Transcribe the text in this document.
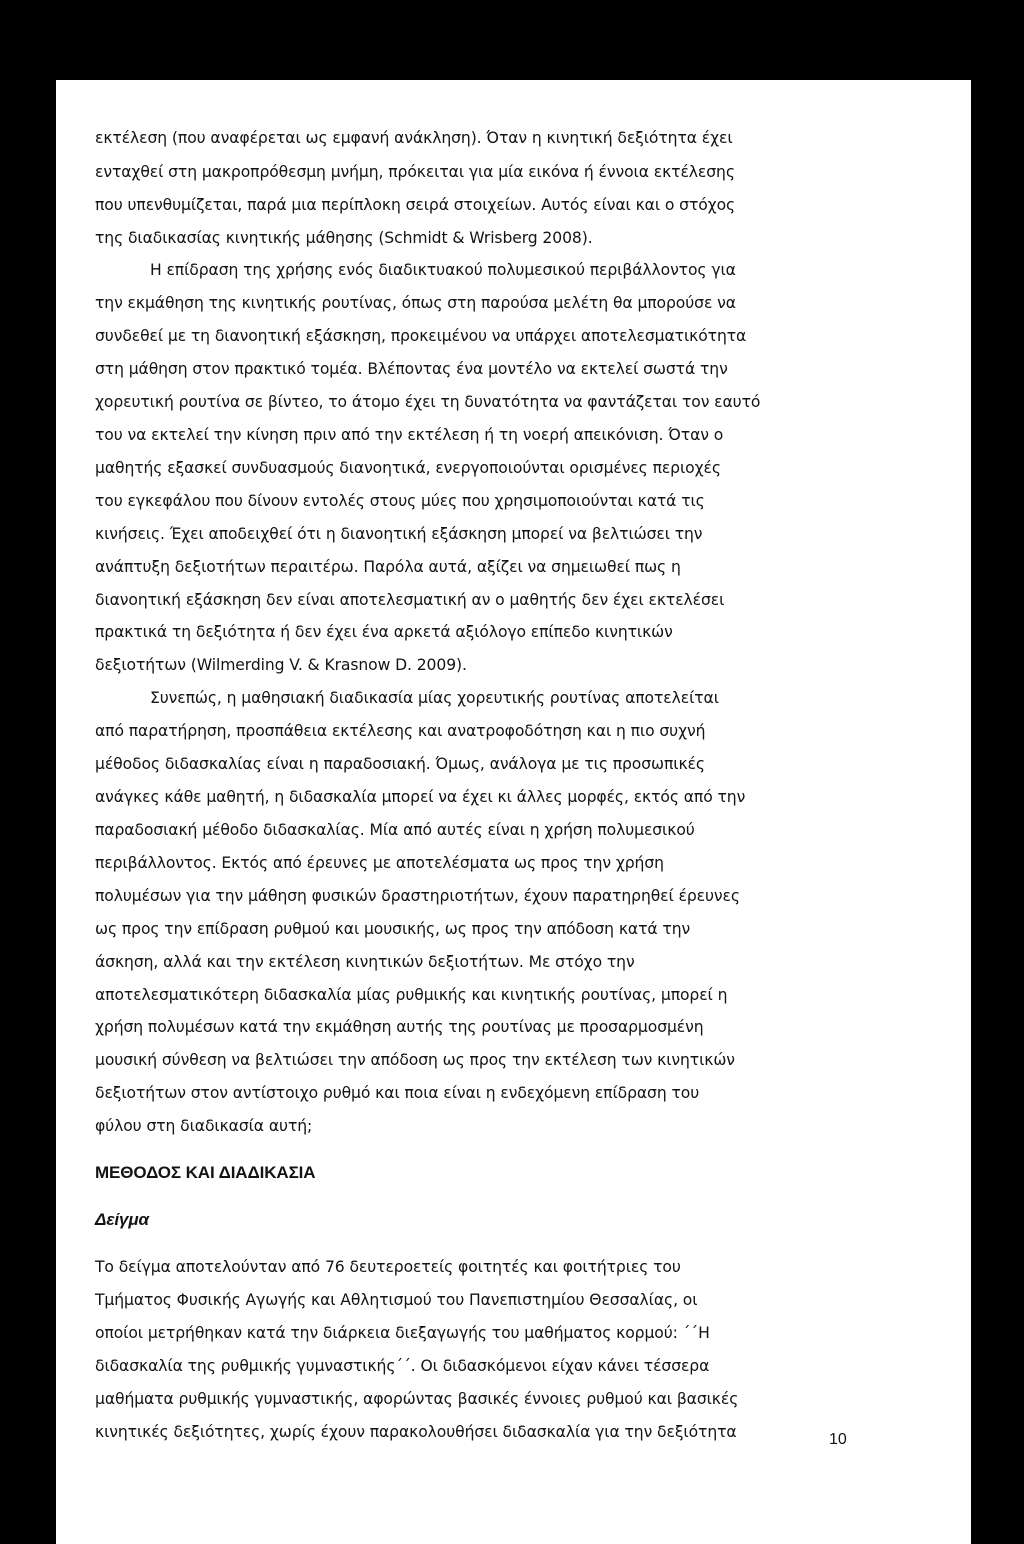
εκτέλεση (που αναφέρεται ως εμφανή ανάκληση). Όταν η κινητική δεξιότητα έχει
ενταχθεί στη μακροπρόθεσμη μνήμη, πρόκειται για μία εικόνα ή έννοια εκτέλεσης
που υπενθυμίζεται, παρά μια περίπλοκη σειρά στοιχείων. Αυτός είναι και ο στόχος
της διαδικασίας κινητικής μάθησης (Schmidt & Wrisberg 2008).
Η επίδραση της χρήσης ενός διαδικτυακού πολυμεσικού περιβάλλοντος για
την εκμάθηση της κινητικής ρουτίνας, όπως στη παρούσα μελέτη θα μπορούσε να
συνδεθεί με τη διανοητική εξάσκηση, προκειμένου να υπάρχει αποτελεσματικότητα
στη μάθηση στον πρακτικό τομέα. Βλέποντας ένα μοντέλο να εκτελεί σωστά την
χορευτική ρουτίνα σε βίντεο, το άτομο έχει τη δυνατότητα να φαντάζεται τον εαυτό
του να εκτελεί την κίνηση πριν από την εκτέλεση ή τη νοερή απεικόνιση. Όταν ο
μαθητής εξασκεί συνδυασμούς διανοητικά, ενεργοποιούνται ορισμένες περιοχές
του εγκεφάλου που δίνουν εντολές στους μύες που χρησιμοποιούνται κατά τις
κινήσεις. Έχει αποδειχθεί ότι η διανοητική εξάσκηση μπορεί να βελτιώσει την
ανάπτυξη δεξιοτήτων περαιτέρω. Παρόλα αυτά, αξίζει να σημειωθεί πως η
διανοητική εξάσκηση δεν είναι αποτελεσματική αν ο μαθητής δεν έχει εκτελέσει
πρακτικά τη δεξιότητα ή δεν έχει ένα αρκετά αξιόλογο επίπεδο κινητικών
δεξιοτήτων (Wilmerding V. & Krasnow D. 2009).
Συνεπώς, η μαθησιακή διαδικασία μίας χορευτικής ρουτίνας αποτελείται
από παρατήρηση, προσπάθεια εκτέλεσης και ανατροφοδότηση και η πιο συχνή
μέθοδος διδασκαλίας είναι η παραδοσιακή. Όμως, ανάλογα με τις προσωπικές
ανάγκες κάθε μαθητή, η διδασκαλία μπορεί να έχει κι άλλες μορφές, εκτός από την
παραδοσιακή μέθοδο διδασκαλίας. Μία από αυτές είναι η χρήση πολυμεσικού
περιβάλλοντος. Εκτός από έρευνες με αποτελέσματα ως προς την χρήση
πολυμέσων για την μάθηση φυσικών δραστηριοτήτων, έχουν παρατηρηθεί έρευνες
ως προς την επίδραση ρυθμού και μουσικής, ως προς την απόδοση κατά την
άσκηση, αλλά και την εκτέλεση κινητικών δεξιοτήτων. Με στόχο την
αποτελεσματικότερη διδασκαλία μίας ρυθμικής και κινητικής ρουτίνας, μπορεί η
χρήση πολυμέσων κατά την εκμάθηση αυτής της ρουτίνας με προσαρμοσμένη
μουσική σύνθεση να βελτιώσει την απόδοση ως προς την εκτέλεση των κινητικών
δεξιοτήτων στον αντίστοιχο ρυθμό και ποια είναι η ενδεχόμενη επίδραση του
φύλου στη διαδικασία αυτή;
ΜΕΘΟΔΟΣ ΚΑΙ ΔΙΑΔΙΚΑΣΙΑ
Δείγμα
Το δείγμα αποτελούνταν από 76 δευτεροετείς φοιτητές και φοιτήτριες του
Τμήματος Φυσικής Αγωγής και Αθλητισμού του Πανεπιστημίου Θεσσαλίας, οι
οποίοι μετρήθηκαν κατά την διάρκεια διεξαγωγής του μαθήματος κορμού: ΄΄Η
διδασκαλία της ρυθμικής γυμναστικής΄΄. Οι διδασκόμενοι είχαν κάνει τέσσερα
μαθήματα ρυθμικής γυμναστικής, αφορώντας βασικές έννοιες ρυθμού και βασικές
κινητικές δεξιότητες, χωρίς έχουν παρακολουθήσει διδασκαλία για την δεξιότητα	10
